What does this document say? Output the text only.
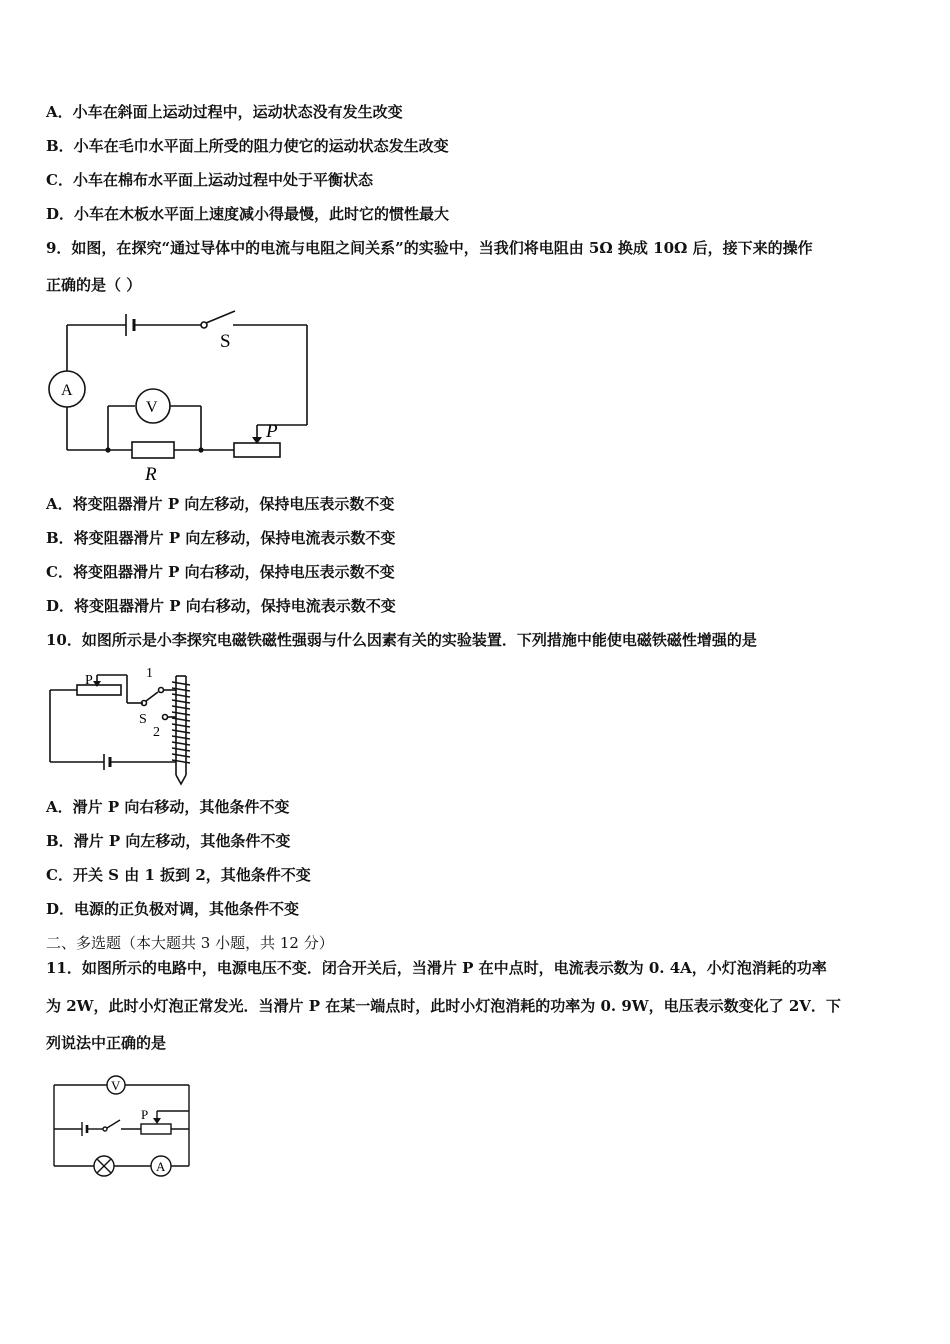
A．小车在斜面上运动过程中，运动状态没有发生改变
B．小车在毛巾水平面上所受的阻力使它的运动状态发生改变
C．小车在棉布水平面上运动过程中处于平衡状态
D．小车在木板水平面上速度减小得最慢，此时它的惯性最大
9．如图，在探究“通过导体中的电流与电阻之间关系”的实验中，当我们将电阻由 5Ω 换成 10Ω 后，接下来的操作
正确的是（ ）
S
A
V
R
P
A．将变阻器滑片 P 向左移动，保持电压表示数不变
B．将变阻器滑片 P 向左移动，保持电流表示数不变
C．将变阻器滑片 P 向右移动，保持电压表示数不变
D．将变阻器滑片 P 向右移动，保持电流表示数不变
10．如图所示是小李探究电磁铁磁性强弱与什么因素有关的实验装置．下列措施中能使电磁铁磁性增强的是
P	1
S
2
A．滑片 P 向右移动，其他条件不变
B．滑片 P 向左移动，其他条件不变
C．开关 S 由 1 扳到 2，其他条件不变
D．电源的正负极对调，其他条件不变
二、多选题（本大题共 3 小题，共 12 分）
11．如图所示的电路中，电源电压不变．闭合开关后，当滑片 P 在中点时，电流表示数为 0. 4A，小灯泡消耗的功率
为 2W，此时小灯泡正常发光．当滑片 P 在某一端点时，此时小灯泡消耗的功率为 0. 9W，电压表示数变化了 2V．下
列说法中正确的是
V
P
A
